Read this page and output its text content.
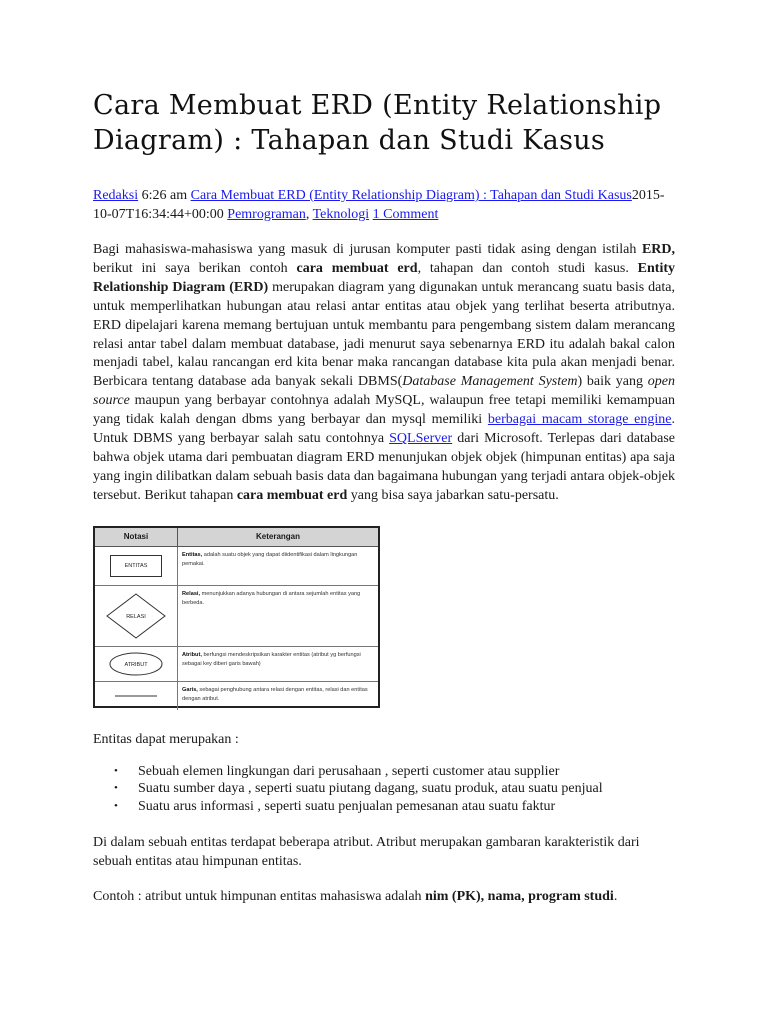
Cara Membuat ERD (Entity Relationship Diagram) : Tahapan dan Studi Kasus
Redaksi 6:26 am Cara Membuat ERD (Entity Relationship Diagram) : Tahapan dan Studi Kasus2015-10-07T16:34:44+00:00 Pemrograman, Teknologi 1 Comment

Bagi mahasiswa-mahasiswa yang masuk di jurusan komputer pasti tidak asing dengan istilah ERD, berikut ini saya berikan contoh cara membuat erd, tahapan dan contoh studi kasus. Entity Relationship Diagram (ERD) merupakan diagram yang digunakan untuk merancang suatu basis data, untuk memperlihatkan hubungan atau relasi antar entitas atau objek yang terlihat beserta atributnya. ERD dipelajari karena memang bertujuan untuk membantu para pengembang sistem dalam merancang relasi antar tabel dalam membuat database, jadi menurut saya sebenarnya ERD itu adalah bakal calon menjadi tabel, kalau rancangan erd kita benar maka rancangan database kita pula akan menjadi benar. Berbicara tentang database ada banyak sekali DBMS(Database Management System) baik yang open source maupun yang berbayar contohnya adalah MySQL, walaupun free tetapi memiliki kemampuan yang tidak kalah dengan dbms yang berbayar dan mysql memiliki berbagai macam storage engine. Untuk DBMS yang berbayar salah satu contohnya SQLServer dari Microsoft. Terlepas dari database bahwa objek utama dari pembuatan diagram ERD menunjukan objek objek (himpunan entitas) apa saja yang ingin dilibatkan dalam sebuah basis data dan bagaimana hubungan yang terjadi antara objek-objek tersebut. Berikut tahapan cara membuat erd yang bisa saya jabarkan satu-persatu.

Notasi	Keterangan
ENTITAS
Entitas, adalah suatu objek yang dapat diidentifikasi dalam lingkungan pemakai.
RELASI
Relasi, menunjukkan adanya hubungan di antara sejumlah entitas yang berbeda.
ATRIBUT
Atribut, berfungsi mendeskripsikan karakter entitas (atribut yg berfungsi sebagai key diberi garis bawah)
Garis, sebagai penghubung antara relasi dengan entitas, relasi dan entitas dengan atribut.

Entitas dapat merupakan :

• Sebuah elemen lingkungan dari perusahaan , seperti customer atau supplier
• Suatu sumber daya , seperti suatu piutang dagang, suatu produk, atau suatu penjual
• Suatu arus informasi , seperti suatu penjualan pemesanan atau suatu faktur

Di dalam sebuah entitas terdapat beberapa atribut. Atribut merupakan gambaran karakteristik dari sebuah entitas atau himpunan entitas.

Contoh : atribut untuk himpunan entitas mahasiswa adalah nim (PK), nama, program studi.
